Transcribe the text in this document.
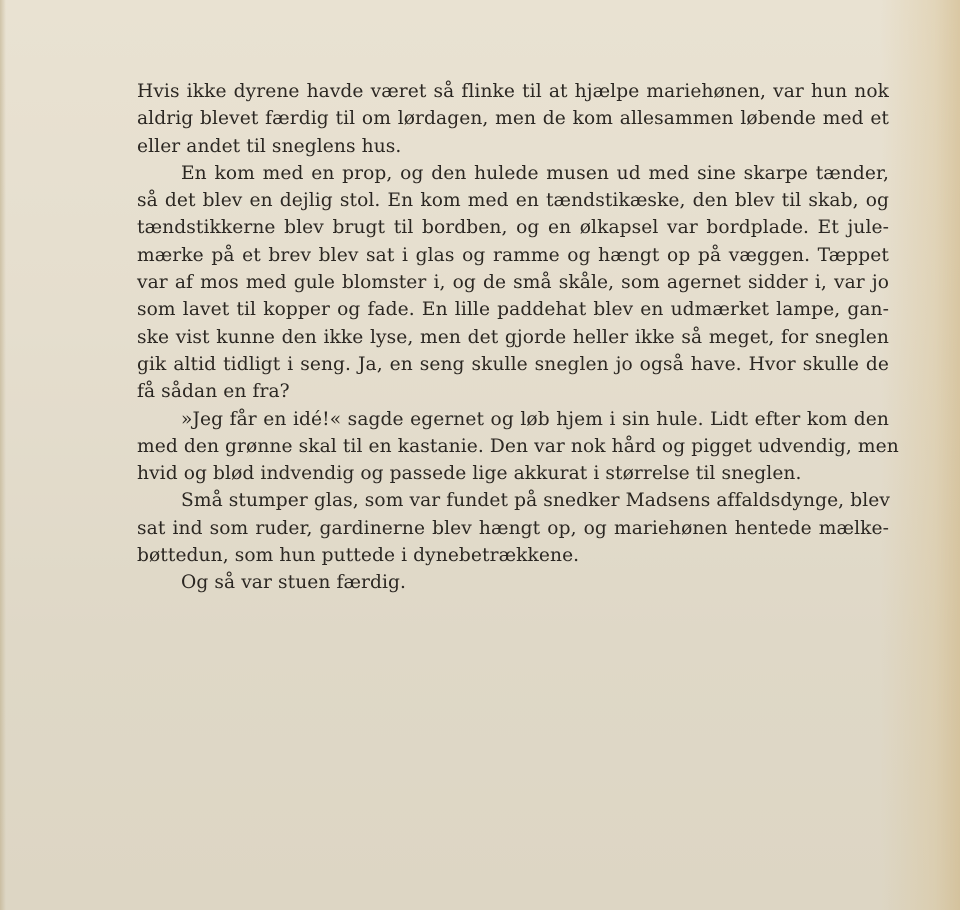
Hvis ikke dyrene havde været så flinke til at hjælpe mariehønen, var hun nok
aldrig blevet færdig til om lørdagen, men de kom allesammen løbende med et
eller andet til sneglens hus.
En kom med en prop, og den hulede musen ud med sine skarpe tænder,
så det blev en dejlig stol. En kom med en tændstikæske, den blev til skab, og
tændstikkerne blev brugt til bordben, og en ølkapsel var bordplade. Et jule-
mærke på et brev blev sat i glas og ramme og hængt op på væggen. Tæppet
var af mos med gule blomster i, og de små skåle, som agernet sidder i, var jo
som lavet til kopper og fade. En lille paddehat blev en udmærket lampe, gan-
ske vist kunne den ikke lyse, men det gjorde heller ikke så meget, for sneglen
gik altid tidligt i seng. Ja, en seng skulle sneglen jo også have. Hvor skulle de
få sådan en fra?
»Jeg får en idé!« sagde egernet og løb hjem i sin hule. Lidt efter kom den
med den grønne skal til en kastanie. Den var nok hård og pigget udvendig, men
hvid og blød indvendig og passede lige akkurat i størrelse til sneglen.
Små stumper glas, som var fundet på snedker Madsens affaldsdynge, blev
sat ind som ruder, gardinerne blev hængt op, og mariehønen hentede mælke-
bøttedun, som hun puttede i dynebetrækkene.
Og så var stuen færdig.
